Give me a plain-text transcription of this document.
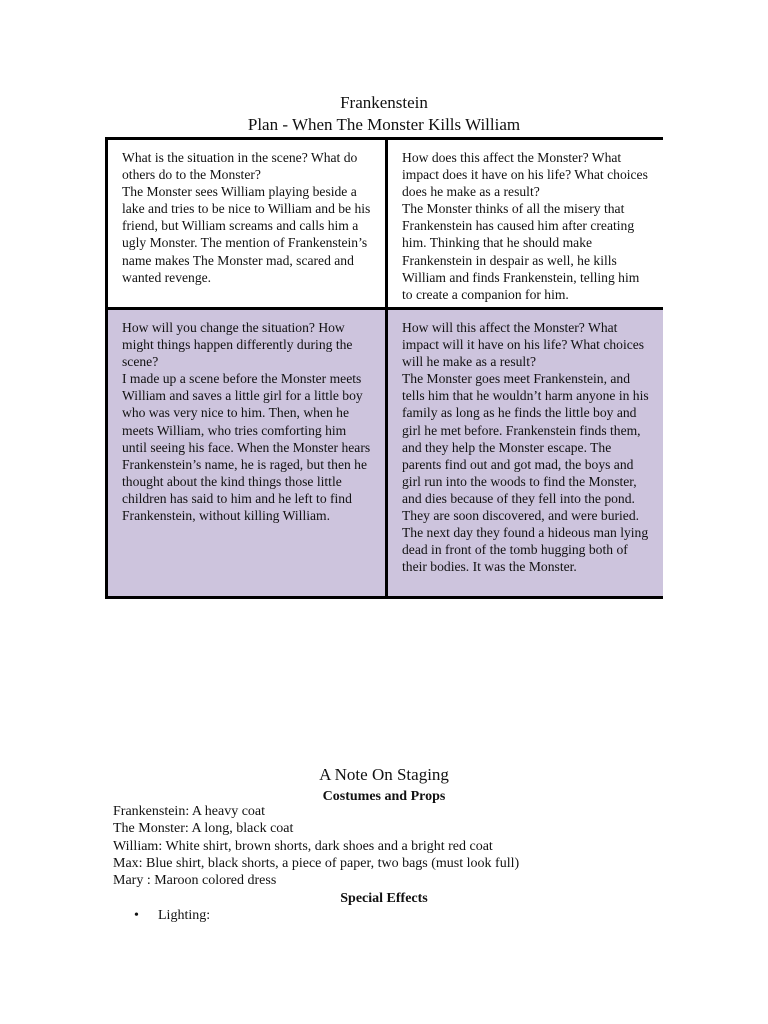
Frankenstein
Plan - When The Monster Kills William

What is the situation in the scene? What do others do to the Monster?

The Monster sees William playing beside a lake and tries to be nice to William and be his friend, but William screams and calls him a ugly Monster. The mention of Frankenstein’s name makes The Monster mad, scared and wanted revenge.

How does this affect the Monster? What impact does it have on his life? What choices does he make as a result?

The Monster thinks of all the misery that Frankenstein has caused him after creating him. Thinking that he should make Frankenstein in despair as well, he kills William and finds Frankenstein, telling him to create a companion for him.

How will you change the situation? How might things happen differently during the scene?

I made up a scene before the Monster meets William and saves a little girl for a little boy who was very nice to him. Then, when he meets William, who tries comforting him until seeing his face. When the Monster hears Frankenstein’s name, he is raged, but then he thought about the kind things those little children has said to him and he left to find Frankenstein, without killing William.

How will this affect the Monster? What impact will it have on his life? What choices will he make as a result?

The Monster goes meet Frankenstein, and tells him that he wouldn’t harm anyone in his family as long as he finds the little boy and girl he met before. Frankenstein finds them, and they help the Monster escape. The parents find out and got mad, the boys and girl run into the woods to find the Monster, and dies because of they fell into the pond. They are soon discovered, and were buried. The next day they found a hideous man lying dead in front of the tomb hugging both of their bodies. It was the Monster.

A Note On Staging
Costumes and Props
Frankenstein: A heavy coat
The Monster: A long, black coat
William: White shirt, brown shorts, dark shoes and a bright red coat
Max: Blue shirt, black shorts, a piece of paper, two bags (must look full)
Mary : Maroon colored dress
Special Effects
• Lighting:
